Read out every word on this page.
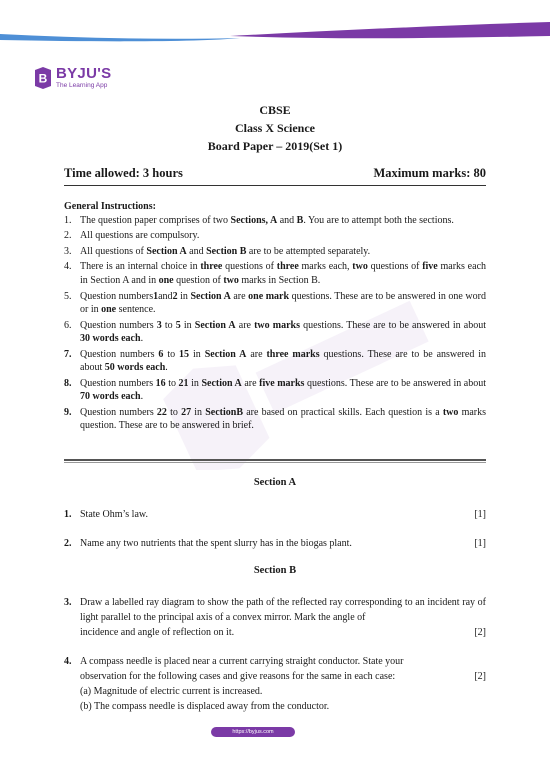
B BYJU'S
The Learning App
CBSE
Class X Science
Board Paper – 2019(Set 1)
Time allowed: 3 hours	Maximum marks: 80
General Instructions:
1. The question paper comprises of two Sections, A and B. You are to attempt both the sections.
2. All questions are compulsory.
3. All questions of Section A and Section B are to be attempted separately.
4. There is an internal choice in three questions of three marks each, two questions of five marks each in Section A and in one question of two marks in Section B.
5. Question numbers1and2 in Section A are one mark questions. These are to be answered in one word or in one sentence.
6. Question numbers 3 to 5 in Section A are two marks questions. These are to be answered in about 30 words each.
7. Question numbers 6 to 15 in Section A are three marks questions. These are to be answered in about 50 words each.
8. Question numbers 16 to 21 in Section A are five marks questions. These are to be answered in about 70 words each.
9. Question numbers 22 to 27 in SectionB are based on practical skills. Each question is a two marks question. These are to be answered in brief.
Section A
1. State Ohm’s law.	[1]
2. Name any two nutrients that the spent slurry has in the biogas plant.	[1]
Section B
3. Draw a labelled ray diagram to show the path of the reflected ray corresponding to an incident ray of light parallel to the principal axis of a convex mirror. Mark the angle of
incidence and angle of reflection on it.	[2]
4. A compass needle is placed near a current carrying straight conductor. State your
observation for the following cases and give reasons for the same in each case:	[2]
(a) Magnitude of electric current is increased.
(b) The compass needle is displaced away from the conductor.
https://byjus.com
